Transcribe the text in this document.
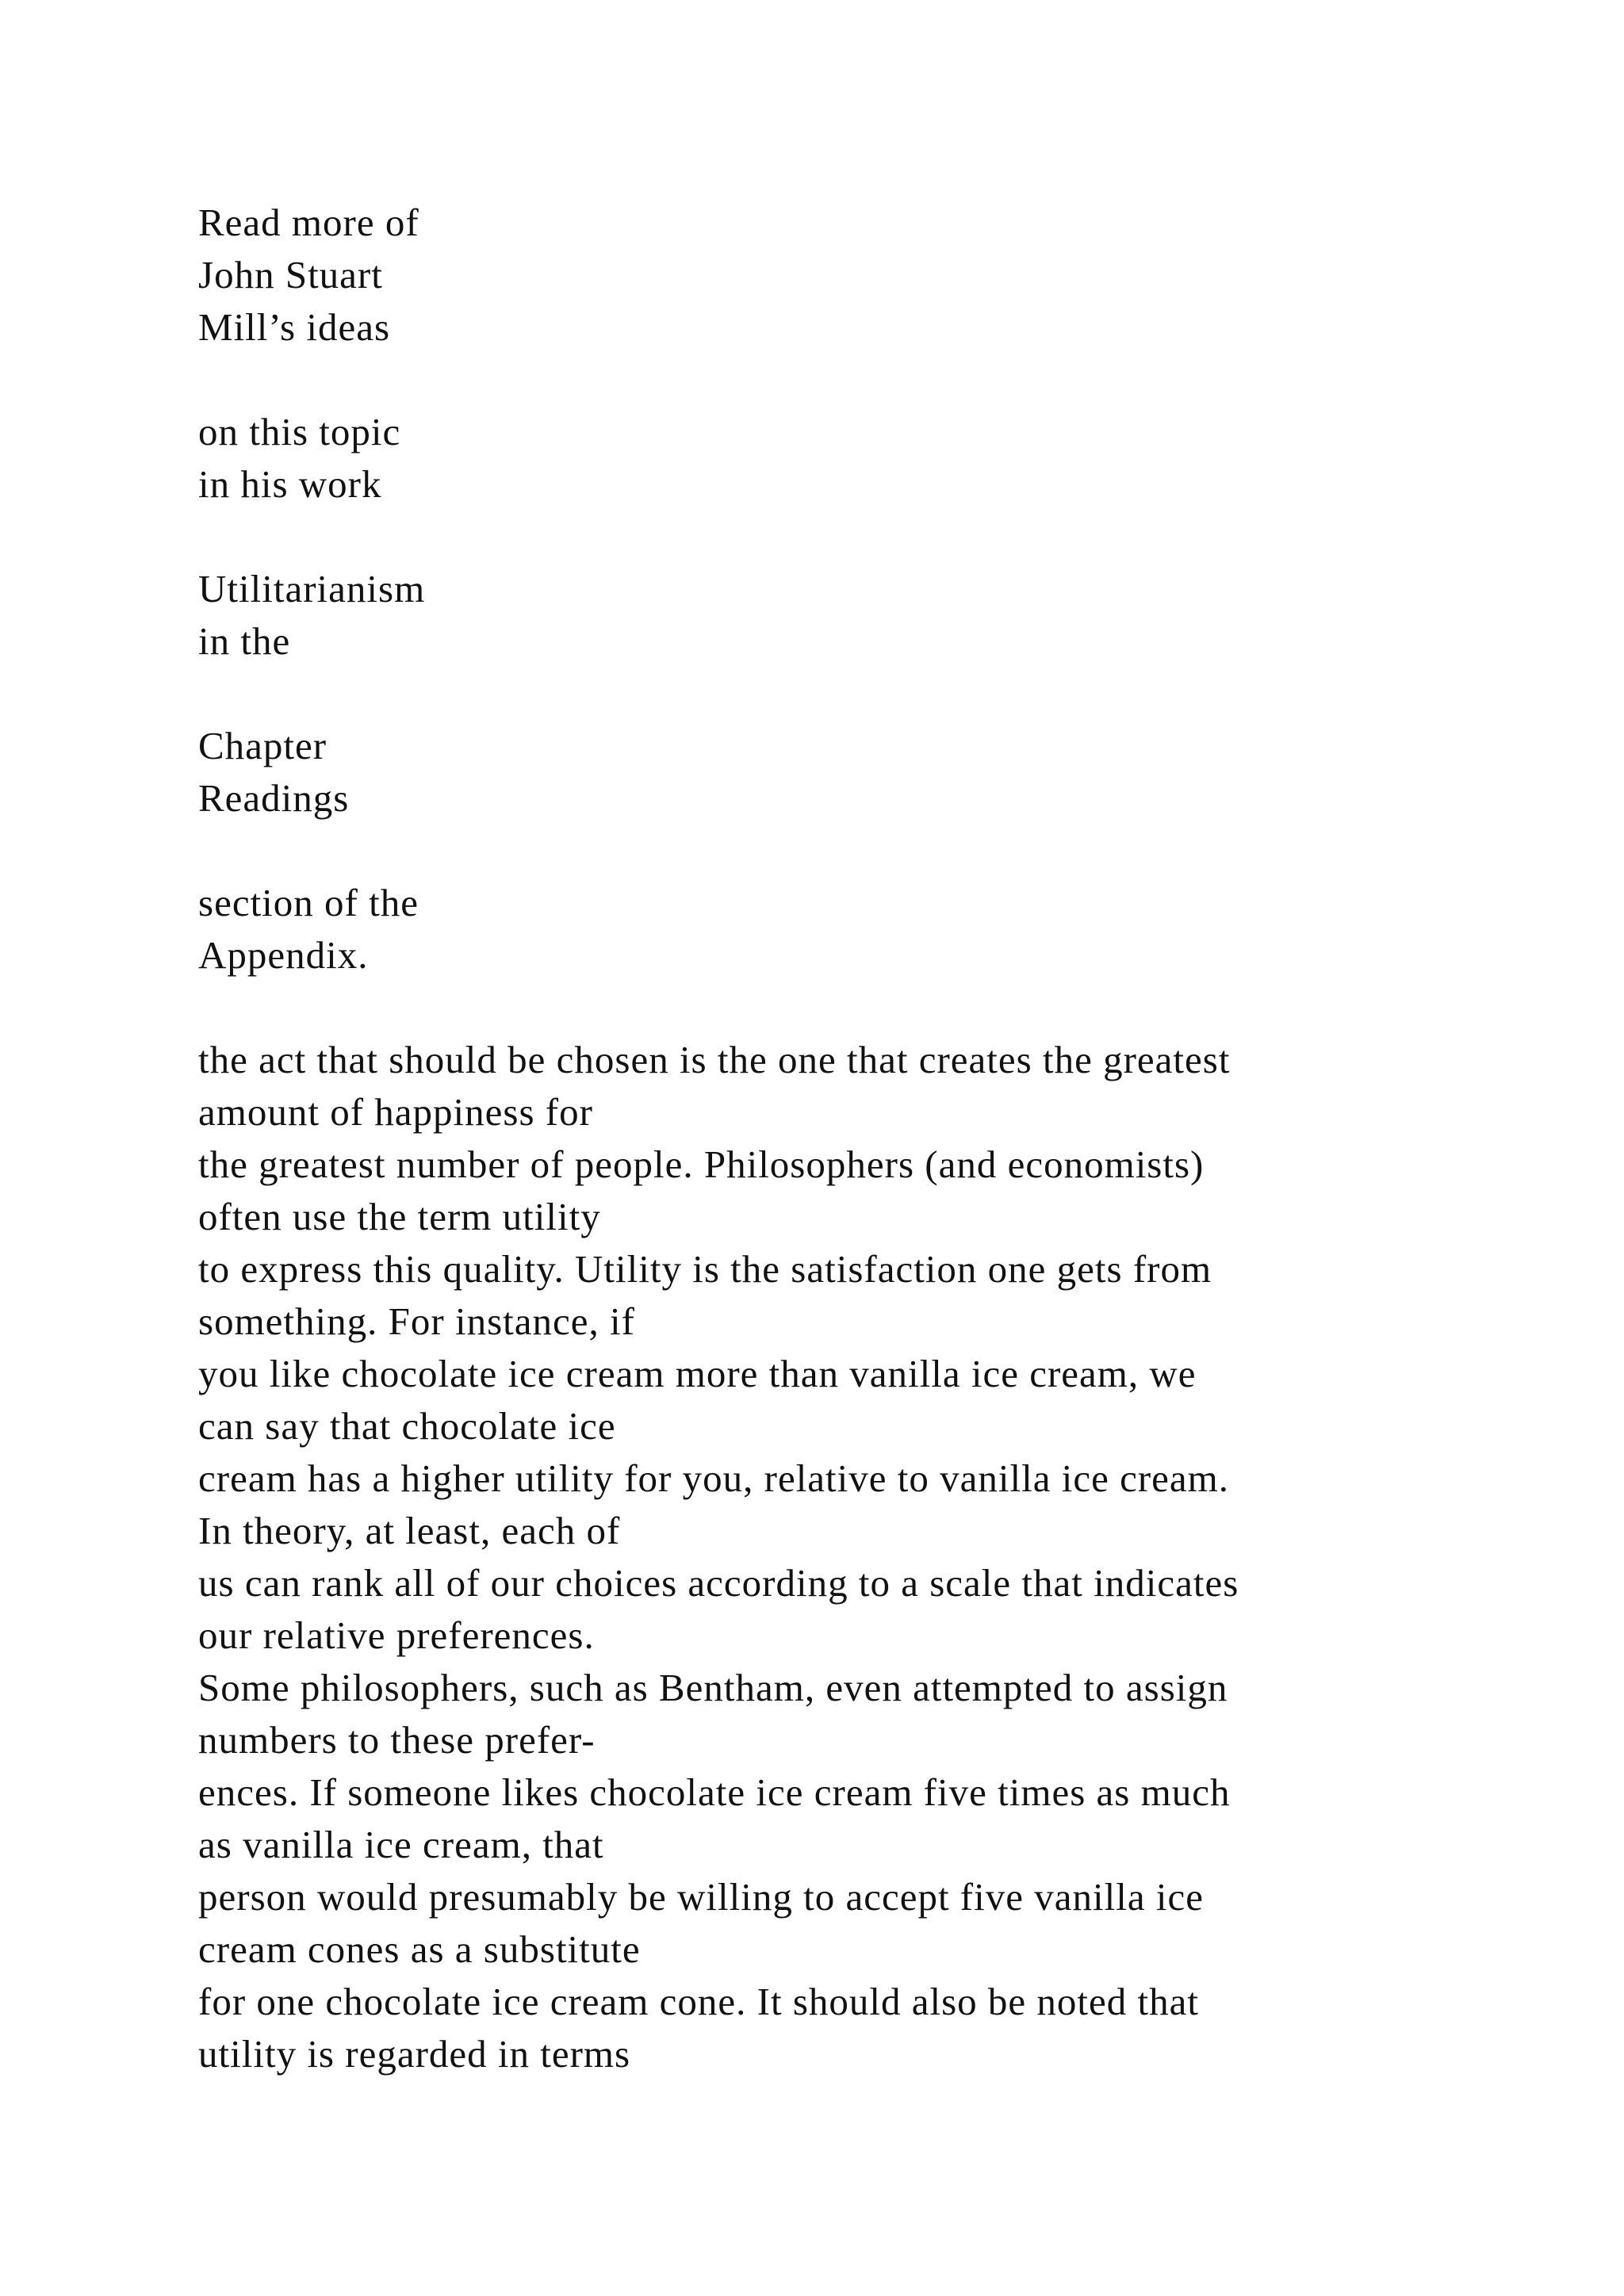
Read more of
John Stuart
Mill’s ideas
on this topic
in his work
Utilitarianism
in the
Chapter
Readings
section of the
Appendix.
the act that should be chosen is the one that creates the greatest
amount of happiness for
the greatest number of people. Philosophers (and economists)
often use the term utility
to express this quality. Utility is the satisfaction one gets from
something. For instance, if
you like chocolate ice cream more than vanilla ice cream, we
can say that chocolate ice
cream has a higher utility for you, relative to vanilla ice cream.
In theory, at least, each of
us can rank all of our choices according to a scale that indicates
our relative preferences.
Some philosophers, such as Bentham, even attempted to assign
numbers to these prefer-
ences. If someone likes chocolate ice cream five times as much
as vanilla ice cream, that
person would presumably be willing to accept five vanilla ice
cream cones as a substitute
for one chocolate ice cream cone. It should also be noted that
utility is regarded in terms
